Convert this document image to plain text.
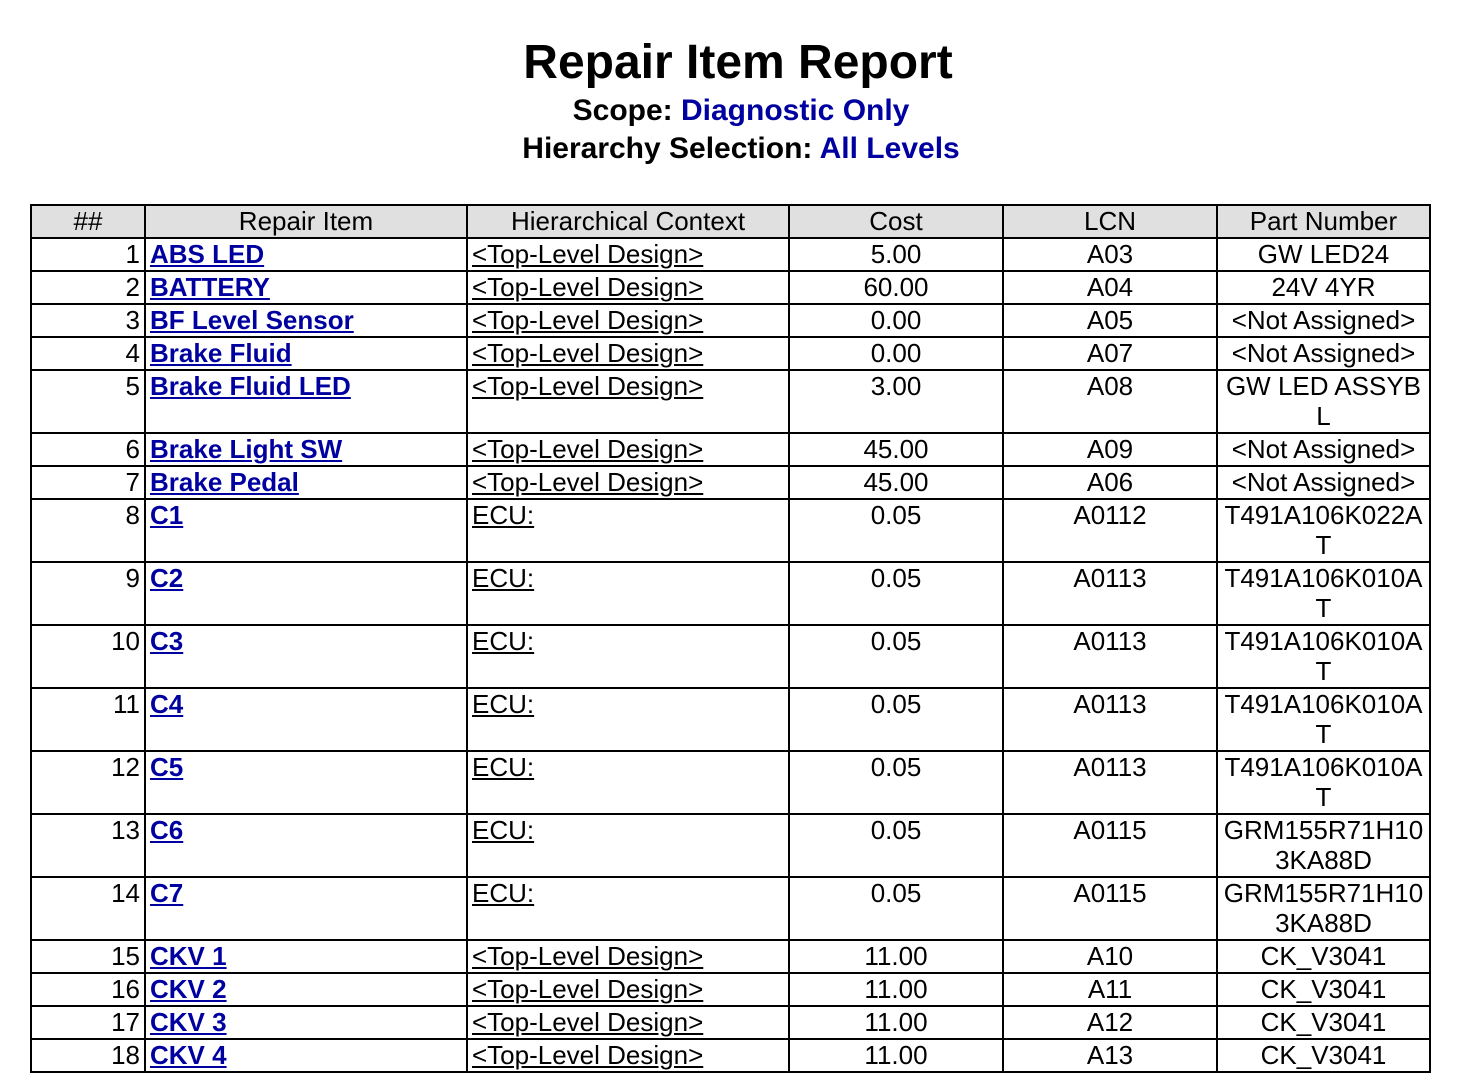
Repair Item Report
Scope: Diagnostic Only
Hierarchy Selection: All Levels
##	Repair Item	Hierarchical Context	Cost	LCN	Part Number
1	ABS LED	<Top-Level Design>	5.00	A03	GW LED24
2	BATTERY	<Top-Level Design>	60.00	A04	24V 4YR
3	BF Level Sensor	<Top-Level Design>	0.00	A05	<Not Assigned>
4	Brake Fluid	<Top-Level Design>	0.00	A07	<Not Assigned>
5	Brake Fluid LED	<Top-Level Design>	3.00	A08	GW LED ASSYBL
6	Brake Light SW	<Top-Level Design>	45.00	A09	<Not Assigned>
7	Brake Pedal	<Top-Level Design>	45.00	A06	<Not Assigned>
8	C1	ECU:	0.05	A0112	T491A106K022AT
9	C2	ECU:	0.05	A0113	T491A106K010AT
10	C3	ECU:	0.05	A0113	T491A106K010AT
11	C4	ECU:	0.05	A0113	T491A106K010AT
12	C5	ECU:	0.05	A0113	T491A106K010AT
13	C6	ECU:	0.05	A0115	GRM155R71H103KA88D
14	C7	ECU:	0.05	A0115	GRM155R71H103KA88D
15	CKV 1	<Top-Level Design>	11.00	A10	CK_V3041
16	CKV 2	<Top-Level Design>	11.00	A11	CK_V3041
17	CKV 3	<Top-Level Design>	11.00	A12	CK_V3041
18	CKV 4	<Top-Level Design>	11.00	A13	CK_V3041
